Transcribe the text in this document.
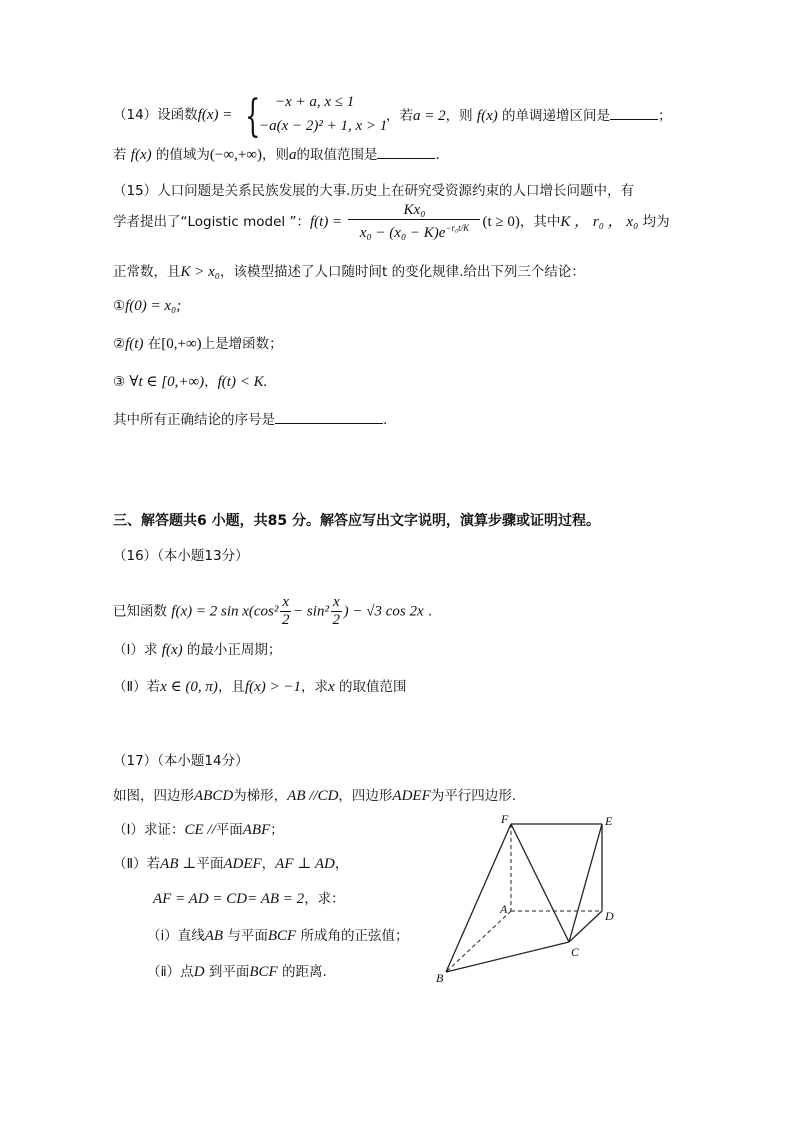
（14）设函数f(x) = { −x + a, x ≤ 1
−a(x − 2)² + 1, x > 1
，若a = 2，则 f(x) 的单调递增区间是	；
若 f(x) 的值域为(−∞,+∞)，则a的取值范围是	.
（15）人口问题是关系民族发展的大事.历史上在研究受资源约束的人口增长问题中，有
学者提出了“Logistic model ”：$f(t) = \frac{\text{Kx₀}}{x_0 - (x_0 - K)e^{-r_0t/K}} (t \ge 0)$，其中K ， r₀ ， x₀ 均为
正常数，且K > x₀，该模型描述了人口随时间t 的变化规律.给出下列三个结论：
①f(0) = x₀;
②f(t) 在[0,+∞)上是增函数；
③ ∀t ∈ [0,+∞)，f(t) < K.
其中所有正确结论的序号是	.
三、解答题共6 小题，共85 分。解答应写出文字说明，演算步骤或证明过程。
（16）（本小题13分）
已知函数 f(x) = 2 $\sin x(\cos^2 \frac{x}{2} - \sin^2 \frac{x}{2}$ ) − √3 cos 2x .
（Ⅰ）求 f(x) 的最小正周期；
（Ⅱ）若x ∈ (0, π)，且f(x) > −1，求x 的取值范围
（17）（本小题14分）
如图，四边形ABCD为梯形，AB //CD，四边形ADEF为平行四边形.
（Ⅰ）求证：CE //平面ABF；
（Ⅱ）若AB ⊥平面ADEF，AF ⊥ AD，
AF = AD = CD= AB = 2，求：
（ⅰ）直线AB 与平面BCF 所成角的正弦值；
（ⅱ）点D 到平面BCF 的距离.
F	E
A	D
C
B
